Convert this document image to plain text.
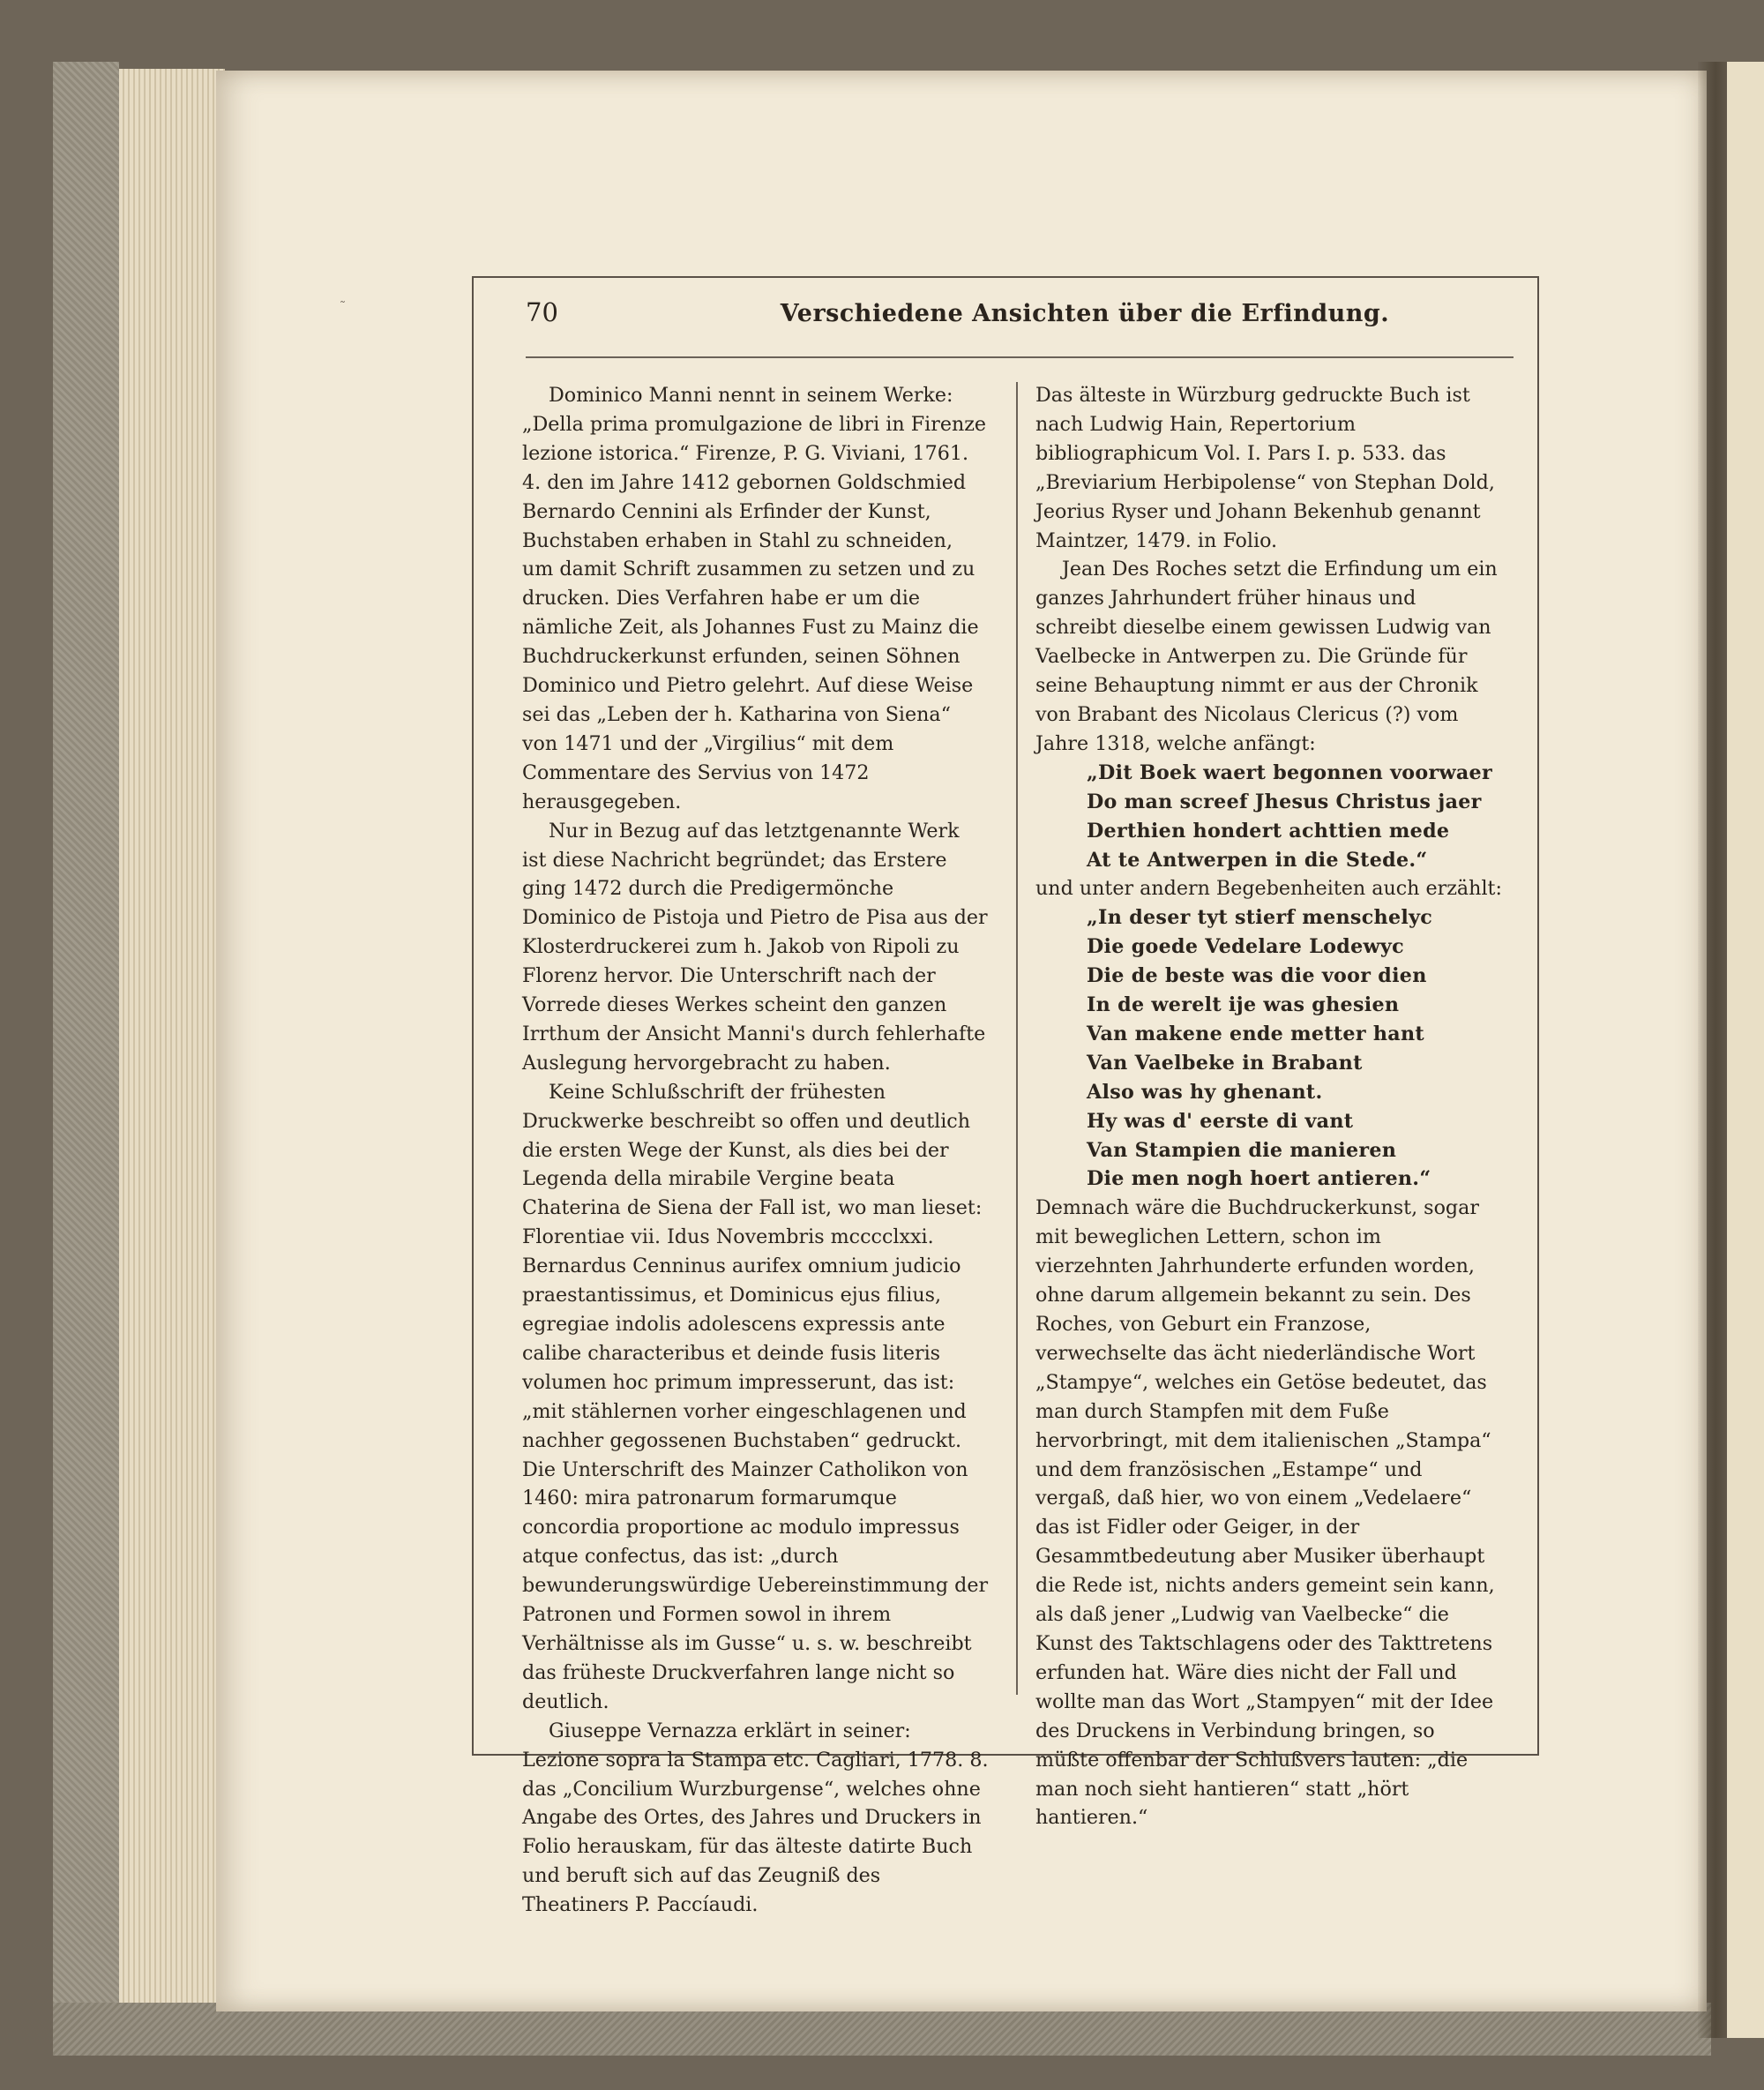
˜	70	Verschiedene Ansichten über die Erfindung.

Dominico Manni nennt in seinem Werke: „Della prima promulgazione de libri in Firenze lezione istorica.“ Firenze, P. G. Viviani, 1761. 4. den im Jahre 1412 gebornen Goldschmied Bernardo Cennini als Erfinder der Kunst, Buchstaben erhaben in Stahl zu schneiden, um damit Schrift zusammen zu setzen und zu drucken. Dies Verfahren habe er um die nämliche Zeit, als Johannes Fust zu Mainz die Buchdruckerkunst erfunden, seinen Söhnen Dominico und Pietro gelehrt. Auf diese Weise sei das „Leben der h. Katharina von Siena“ von 1471 und der „Virgilius“ mit dem Commentare des Servius von 1472 herausgegeben.

Nur in Bezug auf das letztgenannte Werk ist diese Nachricht begründet; das Erstere ging 1472 durch die Predigermönche Dominico de Pistoja und Pietro de Pisa aus der Klosterdruckerei zum h. Jakob von Ripoli zu Florenz hervor. Die Unterschrift nach der Vorrede dieses Werkes scheint den ganzen Irrthum der Ansicht Manni's durch fehlerhafte Auslegung hervorgebracht zu haben.

Keine Schlußschrift der frühesten Druckwerke beschreibt so offen und deutlich die ersten Wege der Kunst, als dies bei der Legenda della mirabile Vergine beata Chaterina de Siena der Fall ist, wo man lieset: Florentiae vii. Idus Novembris mcccclxxi. Bernardus Cenninus aurifex omnium judicio praestantissimus, et Dominicus ejus filius, egregiae indolis adolescens expressis ante calibe characteribus et deinde fusis literis volumen hoc primum impresserunt, das ist: „mit stählernen vorher eingeschlagenen und nachher gegossenen Buchstaben“ gedruckt. Die Unterschrift des Mainzer Catholikon von 1460: mira patronarum formarumque concordia proportione ac modulo impressus atque confectus, das ist: „durch bewunderungswürdige Uebereinstimmung der Patronen und Formen sowol in ihrem Verhältnisse als im Gusse“ u. s. w. beschreibt das früheste Druckverfahren lange nicht so deutlich.

Giuseppe Vernazza erklärt in seiner: Lezione sopra la Stampa etc. Cagliari, 1778. 8. das „Concilium Wurzburgense“, welches ohne Angabe des Ortes, des Jahres und Druckers in Folio herauskam, für das älteste datirte Buch und beruft sich auf das Zeugniß des Theatiners P. Paccíaudi.

Das älteste in Würzburg gedruckte Buch ist nach Ludwig Hain, Repertorium bibliographicum Vol. I. Pars I. p. 533. das „Breviarium Herbipolense“ von Stephan Dold, Jeorius Ryser und Johann Bekenhub genannt Maintzer, 1479. in Folio.

Jean Des Roches setzt die Erfindung um ein ganzes Jahrhundert früher hinaus und schreibt dieselbe einem gewissen Ludwig van Vaelbecke in Antwerpen zu. Die Gründe für seine Behauptung nimmt er aus der Chronik von Brabant des Nicolaus Clericus (?) vom Jahre 1318, welche anfängt:

„Dit Boek waert begonnen voorwaer
Do man screef Jhesus Christus jaer
Derthien hondert achttien mede
At te Antwerpen in die Stede.“

und unter andern Begebenheiten auch erzählt:

„In deser tyt stierf menschelyc
Die goede Vedelare Lodewyc
Die de beste was die voor dien
In de werelt ije was ghesien
Van makene ende metter hant
Van Vaelbeke in Brabant
Also was hy ghenant.
Hy was d' eerste di vant
Van Stampien die manieren
Die men nogh hoert antieren.“

Demnach wäre die Buchdruckerkunst, sogar mit beweglichen Lettern, schon im vierzehnten Jahrhunderte erfunden worden, ohne darum allgemein bekannt zu sein. Des Roches, von Geburt ein Franzose, verwechselte das ächt niederländische Wort „Stampye“, welches ein Getöse bedeutet, das man durch Stampfen mit dem Fuße hervorbringt, mit dem italienischen „Stampa“ und dem französischen „Estampe“ und vergaß, daß hier, wo von einem „Vedelaere“ das ist Fidler oder Geiger, in der Gesammtbedeutung aber Musiker überhaupt die Rede ist, nichts anders gemeint sein kann, als daß jener „Ludwig van Vaelbecke“ die Kunst des Taktschlagens oder des Takttretens erfunden hat. Wäre dies nicht der Fall und wollte man das Wort „Stampyen“ mit der Idee des Druckens in Verbindung bringen, so müßte offenbar der Schlußvers lauten: „die man noch sieht hantieren“ statt „hört hantieren.“
